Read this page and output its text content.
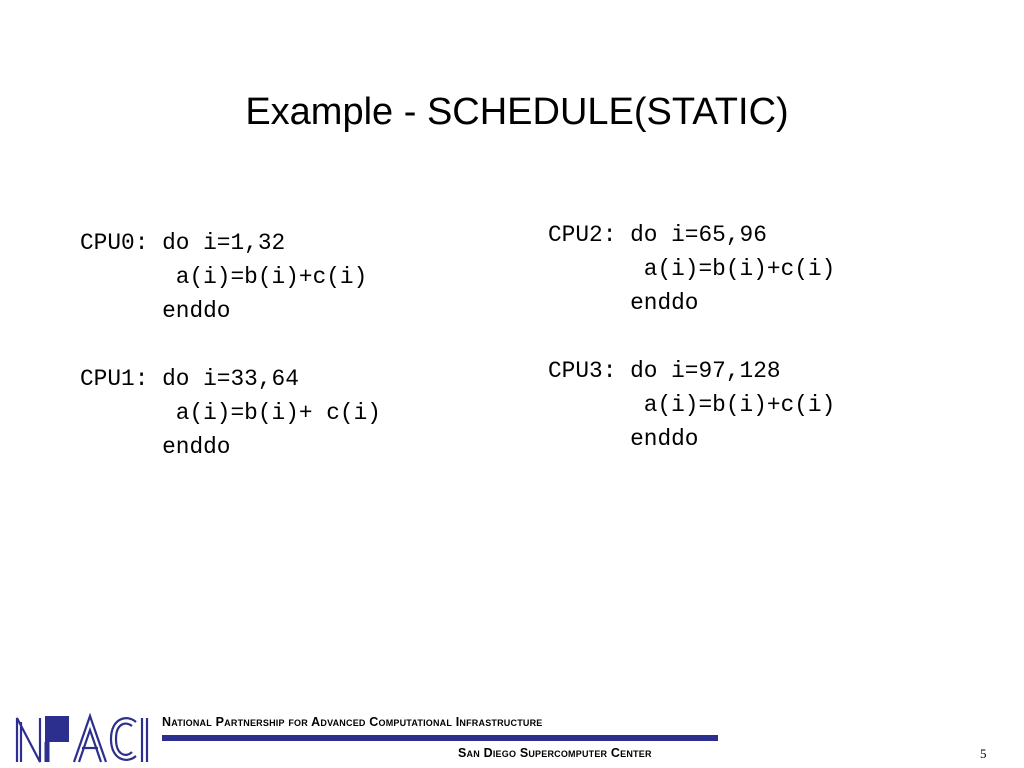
Example - SCHEDULE(STATIC)
CPU0: do i=1,32
a(i)=b(i)+c(i)
enddo
CPU1: do i=33,64
a(i)=b(i)+ c(i)
enddo
CPU2: do i=65,96
a(i)=b(i)+c(i)
enddo
CPU3: do i=97,128
a(i)=b(i)+c(i)
enddo
National Partnership for Advanced Computational Infrastructure
San Diego Supercomputer Center	5
